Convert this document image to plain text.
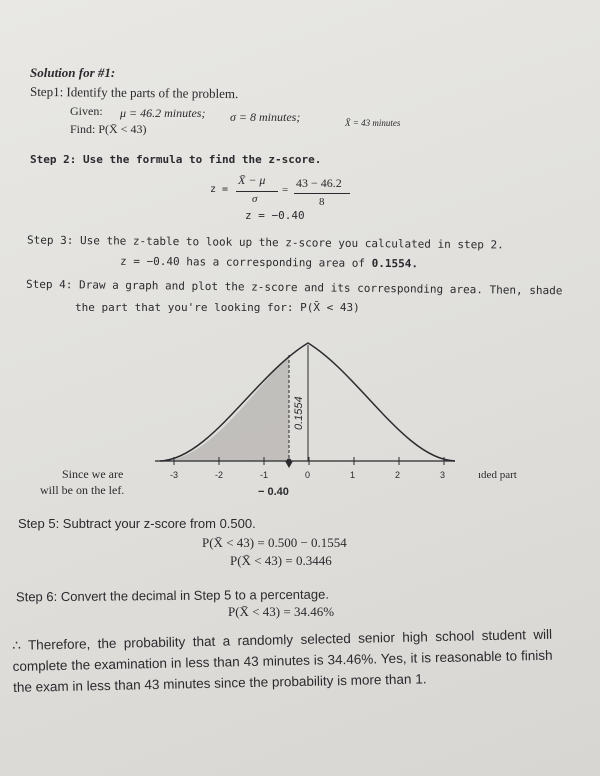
Solution for #1:
Step1: Identify the parts of the problem.
Given: μ = 46.2 minutes; σ = 8 minutes;	X̄ = 43 minutes
Find: P(X̄ < 43)
Step 2: Use the formula to find the z-score.
z =
X̄ − μ
σ
= 43 − 46.2
8
z = −0.40
Step 3: Use the z-table to look up the z-score you calculated in step 2.
z = −0.40 has a corresponding area of 0.1554.
Step 4: Draw a graph and plot the z-score and its corresponding area. Then, shade
the part that you're looking for: P(X̄ < 43)
Since we are
will be on the lef.
ıded part
0.1554
-3	-2	-1	0	1	2	3
− 0.40
Step 5: Subtract your z-score from 0.500.
P(X̄ < 43) = 0.500 − 0.1554
P(X̄ < 43) = 0.3446
Step 6: Convert the decimal in Step 5 to a percentage.
P(X̄ < 43) = 34.46%
∴ Therefore, the probability that a randomly selected senior high school student will complete the examination in less than 43 minutes is 34.46%. Yes, it is reasonable to finish the exam in less than 43 minutes since the probability is more than 1.
